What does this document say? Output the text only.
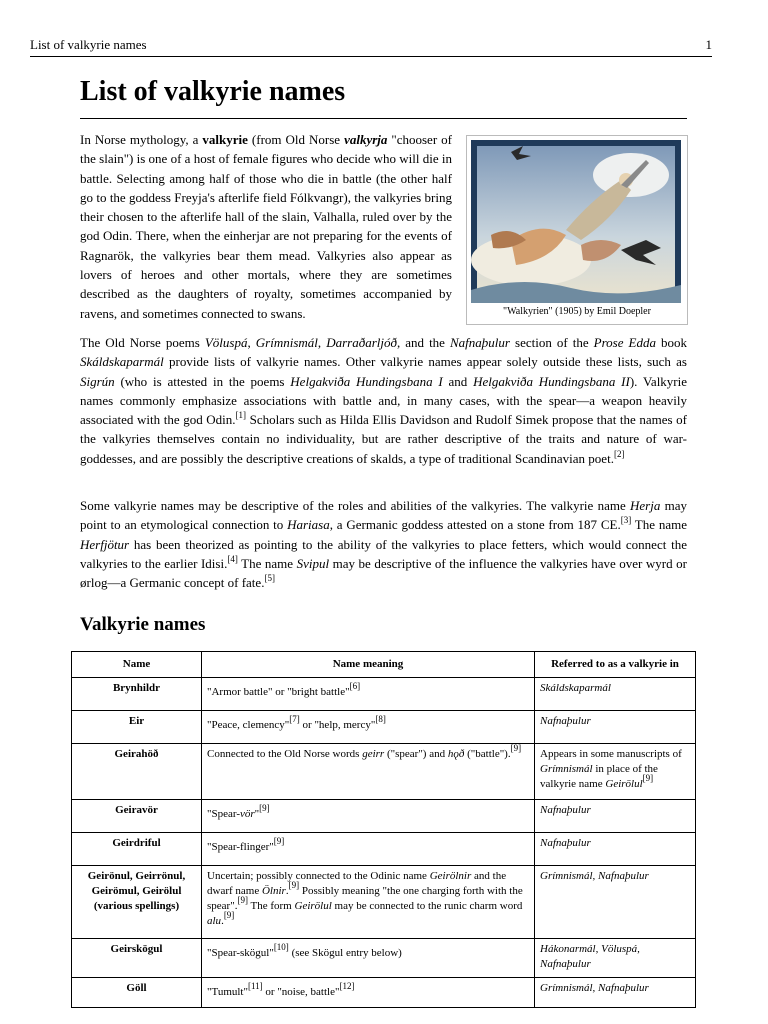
List of valkyrie names	1
List of valkyrie names

In Norse mythology, a valkyrie (from Old Norse valkyrja "chooser of the slain") is one of a host of female figures who decide who will die in battle. Selecting among half of those who die in battle (the other half go to the goddess Freyja's afterlife field Fólkvangr), the valkyries bring their chosen to the afterlife hall of the slain, Valhalla, ruled over by the god Odin. There, when the einherjar are not preparing for the events of Ragnarök, the valkyries bear them mead. Valkyries also appear as lovers of heroes and other mortals, where they are sometimes described as the daughters of royalty, sometimes accompanied by ravens, and sometimes connected to swans.	"Walkyrien" (1905) by Emil Doepler

The Old Norse poems Völuspá, Grímnismál, Darraðarljóð, and the Nafnaþulur section of the Prose Edda book Skáldskaparmál provide lists of valkyrie names. Other valkyrie names appear solely outside these lists, such as Sigrún (who is attested in the poems Helgakviða Hundingsbana I and Helgakviða Hundingsbana II). Valkyrie names commonly emphasize associations with battle and, in many cases, with the spear—a weapon heavily associated with the god Odin.[1] Scholars such as Hilda Ellis Davidson and Rudolf Simek propose that the names of the valkyries themselves contain no individuality, but are rather descriptive of the traits and nature of war-goddesses, and are possibly the descriptive creations of skalds, a type of traditional Scandinavian poet.[2]

Some valkyrie names may be descriptive of the roles and abilities of the valkyries. The valkyrie name Herja may point to an etymological connection to Hariasa, a Germanic goddess attested on a stone from 187 CE.[3] The name Herfjötur has been theorized as pointing to the ability of the valkyries to place fetters, which would connect the valkyries to the earlier Idisi.[4] The name Svipul may be descriptive of the influence the valkyries have over wyrd or ørlog—a Germanic concept of fate.[5]

Valkyrie names
Name	Name meaning	Referred to as a valkyrie in
Brynhildr	"Armor battle" or "bright battle"[6]	Skáldskaparmál
Eir	"Peace, clemency"[7] or "help, mercy"[8]	Nafnaþulur
Geirahöð	Connected to the Old Norse words geirr ("spear") and hǫð ("battle").[9]	Appears in some manuscripts of Grímnismál in place of the valkyrie name Geirölul[9]
Geiravör	"Spear-vör"[9]	Nafnaþulur
Geirdriful	"Spear-flinger"[9]	Nafnaþulur
Geirönul, Geirrönul, Geirömul, Geirölul (various spellings)	Uncertain; possibly connected to the Odinic name Geirölnir and the dwarf name Ölnir.[9] Possibly meaning "the one charging forth with the spear".[9] The form Geirölul may be connected to the runic charm word alu.[9]	Grímnismál, Nafnaþulur
Geirskögul	"Spear-skögul"[10] (see Skögul entry below)	Hákonarmál, Völuspá, Nafnaþulur
Göll	"Tumult"[11] or "noise, battle"[12]	Grímnismál, Nafnaþulur
